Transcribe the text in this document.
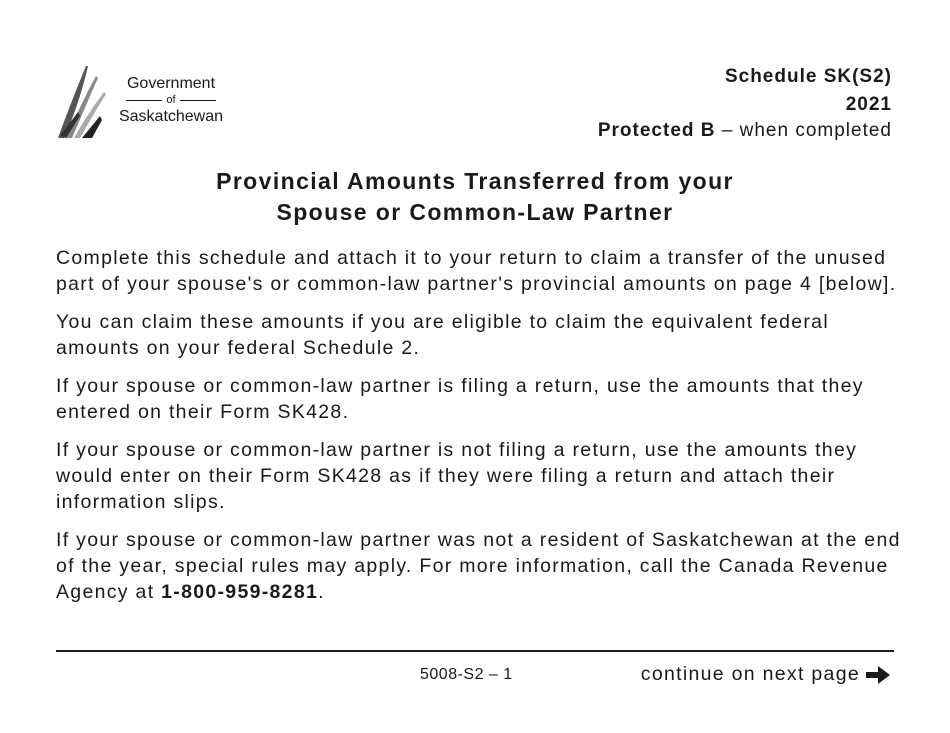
Government
of
Saskatchewan
Schedule SK(S2)
2021
Protected B – when completed
Provincial Amounts Transferred from your
Spouse or Common-Law Partner

Complete this schedule and attach it to your return to claim a transfer of the unused part of your spouse's or common-law partner's provincial amounts on page 4 [below].

You can claim these amounts if you are eligible to claim the equivalent federal amounts on your federal Schedule 2.

If your spouse or common-law partner is filing a return, use the amounts that they entered on their Form SK428.

If your spouse or common-law partner is not filing a return, use the amounts they would enter on their Form SK428 as if they were filing a return and attach their information slips.

If your spouse or common-law partner was not a resident of Saskatchewan at the end of the year, special rules may apply. For more information, call the Canada Revenue Agency at 1-800-959-8281.

5008-S2 – 1	continue on next page
